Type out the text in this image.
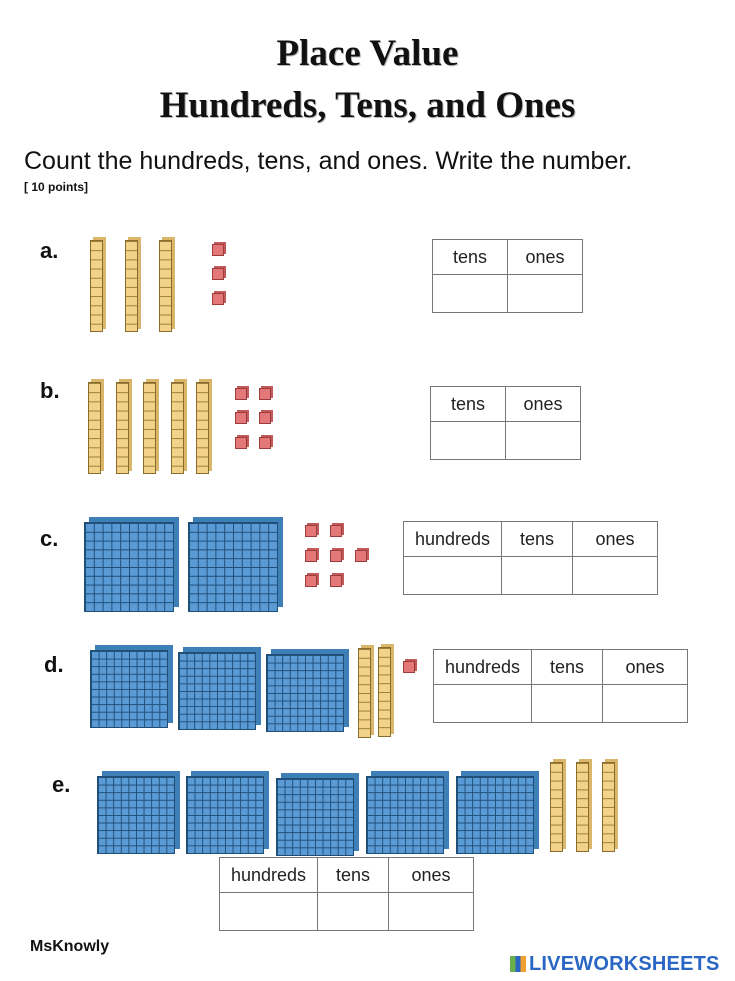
Place Value
Hundreds, Tens, and Ones

Count the hundreds, tens, and ones. Write the number.

[ 10 points]
a.	tens	ones

b.
tens	ones

c.	hundreds	tens	ones

d.	hundreds	tens	ones

e.
hundreds	tens	ones

MsKnowly
LIVEWORKSHEETS
